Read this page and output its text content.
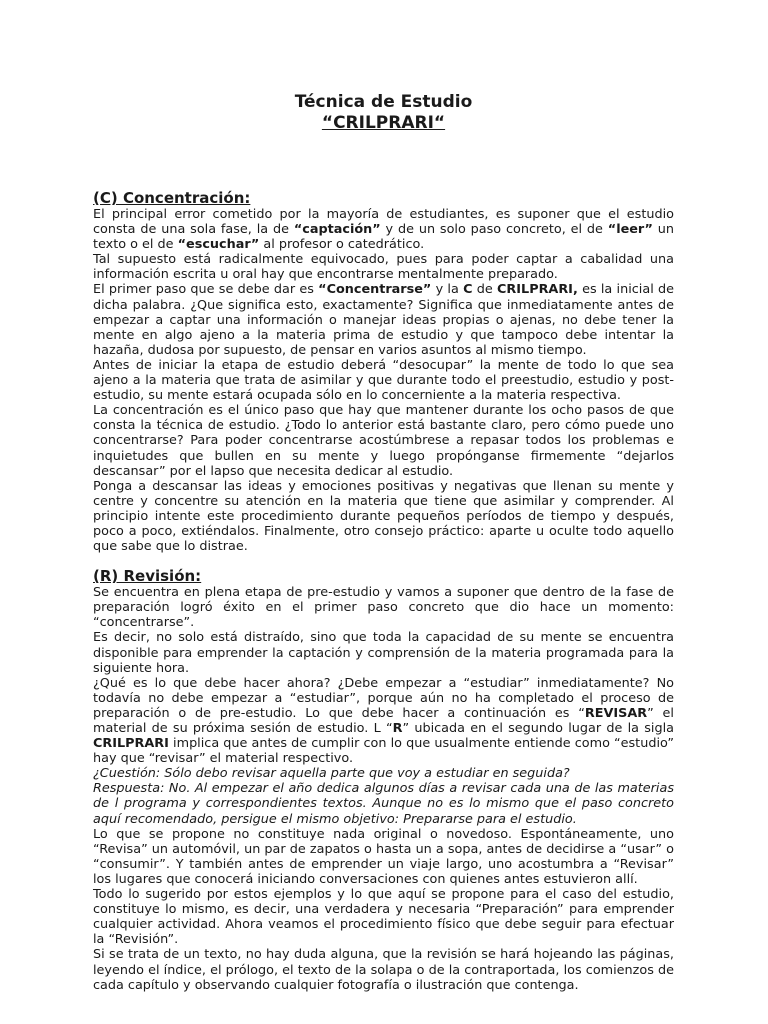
Técnica de Estudio
“CRILPRARI“
(C) Concentración:

El principal error cometido por la mayoría de estudiantes, es suponer que el estudio consta de una sola fase, la de “captación” y de un solo paso concreto, el de “leer” un texto o el de “escuchar” al profesor o catedrático.

Tal supuesto está radicalmente equivocado, pues para poder captar a cabalidad una información escrita u oral hay que encontrarse mentalmente preparado.

El primer paso que se debe dar es “Concentrarse” y la C de CRILPRARI, es la inicial de dicha palabra. ¿Que significa esto, exactamente? Significa que inmediatamente antes de empezar a captar una información o manejar ideas propias o ajenas, no debe tener la mente en algo ajeno a la materia prima de estudio y que tampoco debe intentar la hazaña, dudosa por supuesto, de pensar en varios asuntos al mismo tiempo.

Antes de iniciar la etapa de estudio deberá “desocupar” la mente de todo lo que sea ajeno a la materia que trata de asimilar y que durante todo el preestudio, estudio y post-estudio, su mente estará ocupada sólo en lo concerniente a la materia respectiva.

La concentración es el único paso que hay que mantener durante los ocho pasos de que consta la técnica de estudio. ¿Todo lo anterior está bastante claro, pero cómo puede uno concentrarse? Para poder concentrarse acostúmbrese a repasar todos los problemas e inquietudes que bullen en su mente y luego propónganse firmemente “dejarlos descansar” por el lapso que necesita dedicar al estudio.

Ponga a descansar las ideas y emociones positivas y negativas que llenan su mente y centre y concentre su atención en la materia que tiene que asimilar y comprender. Al principio intente este procedimiento durante pequeños períodos de tiempo y después, poco a poco, extiéndalos. Finalmente, otro consejo práctico: aparte u oculte todo aquello que sabe que lo distrae.

(R) Revisión:

Se encuentra en plena etapa de pre-estudio y vamos a suponer que dentro de la fase de preparación logró éxito en el primer paso concreto que dio hace un momento: “concentrarse”.

Es decir, no solo está distraído, sino que toda la capacidad de su mente se encuentra disponible para emprender la captación y comprensión de la materia programada para la siguiente hora.

¿Qué es lo que debe hacer ahora? ¿Debe empezar a “estudiar” inmediatamente? No todavía no debe empezar a “estudiar”, porque aún no ha completado el proceso de preparación o de pre-estudio. Lo que debe hacer a continuación es “REVISAR” el material de su próxima sesión de estudio. L “R” ubicada en el segundo lugar de la sigla CRILPRARI implica que antes de cumplir con lo que usualmente entiende como “estudio” hay que “revisar” el material respectivo.

¿Cuestión: Sólo debo revisar aquella parte que voy a estudiar en seguida?

Respuesta: No. Al empezar el año dedica algunos días a revisar cada una de las materias de l programa y correspondientes textos. Aunque no es lo mismo que el paso concreto aquí recomendado, persigue el mismo objetivo: Prepararse para el estudio.

Lo que se propone no constituye nada original o novedoso. Espontáneamente, uno “Revisa” un automóvil, un par de zapatos o hasta un a sopa, antes de decidirse a “usar” o “consumir”. Y también antes de emprender un viaje largo, uno acostumbra a “Revisar” los lugares que conocerá iniciando conversaciones con quienes antes estuvieron allí.

Todo lo sugerido por estos ejemplos y lo que aquí se propone para el caso del estudio, constituye lo mismo, es decir, una verdadera y necesaria “Preparación” para emprender cualquier actividad. Ahora veamos el procedimiento físico que debe seguir para efectuar la “Revisión”.

Si se trata de un texto, no hay duda alguna, que la revisión se hará hojeando las páginas, leyendo el índice, el prólogo, el texto de la solapa o de la contraportada, los comienzos de cada capítulo y observando cualquier fotografía o ilustración que contenga.
